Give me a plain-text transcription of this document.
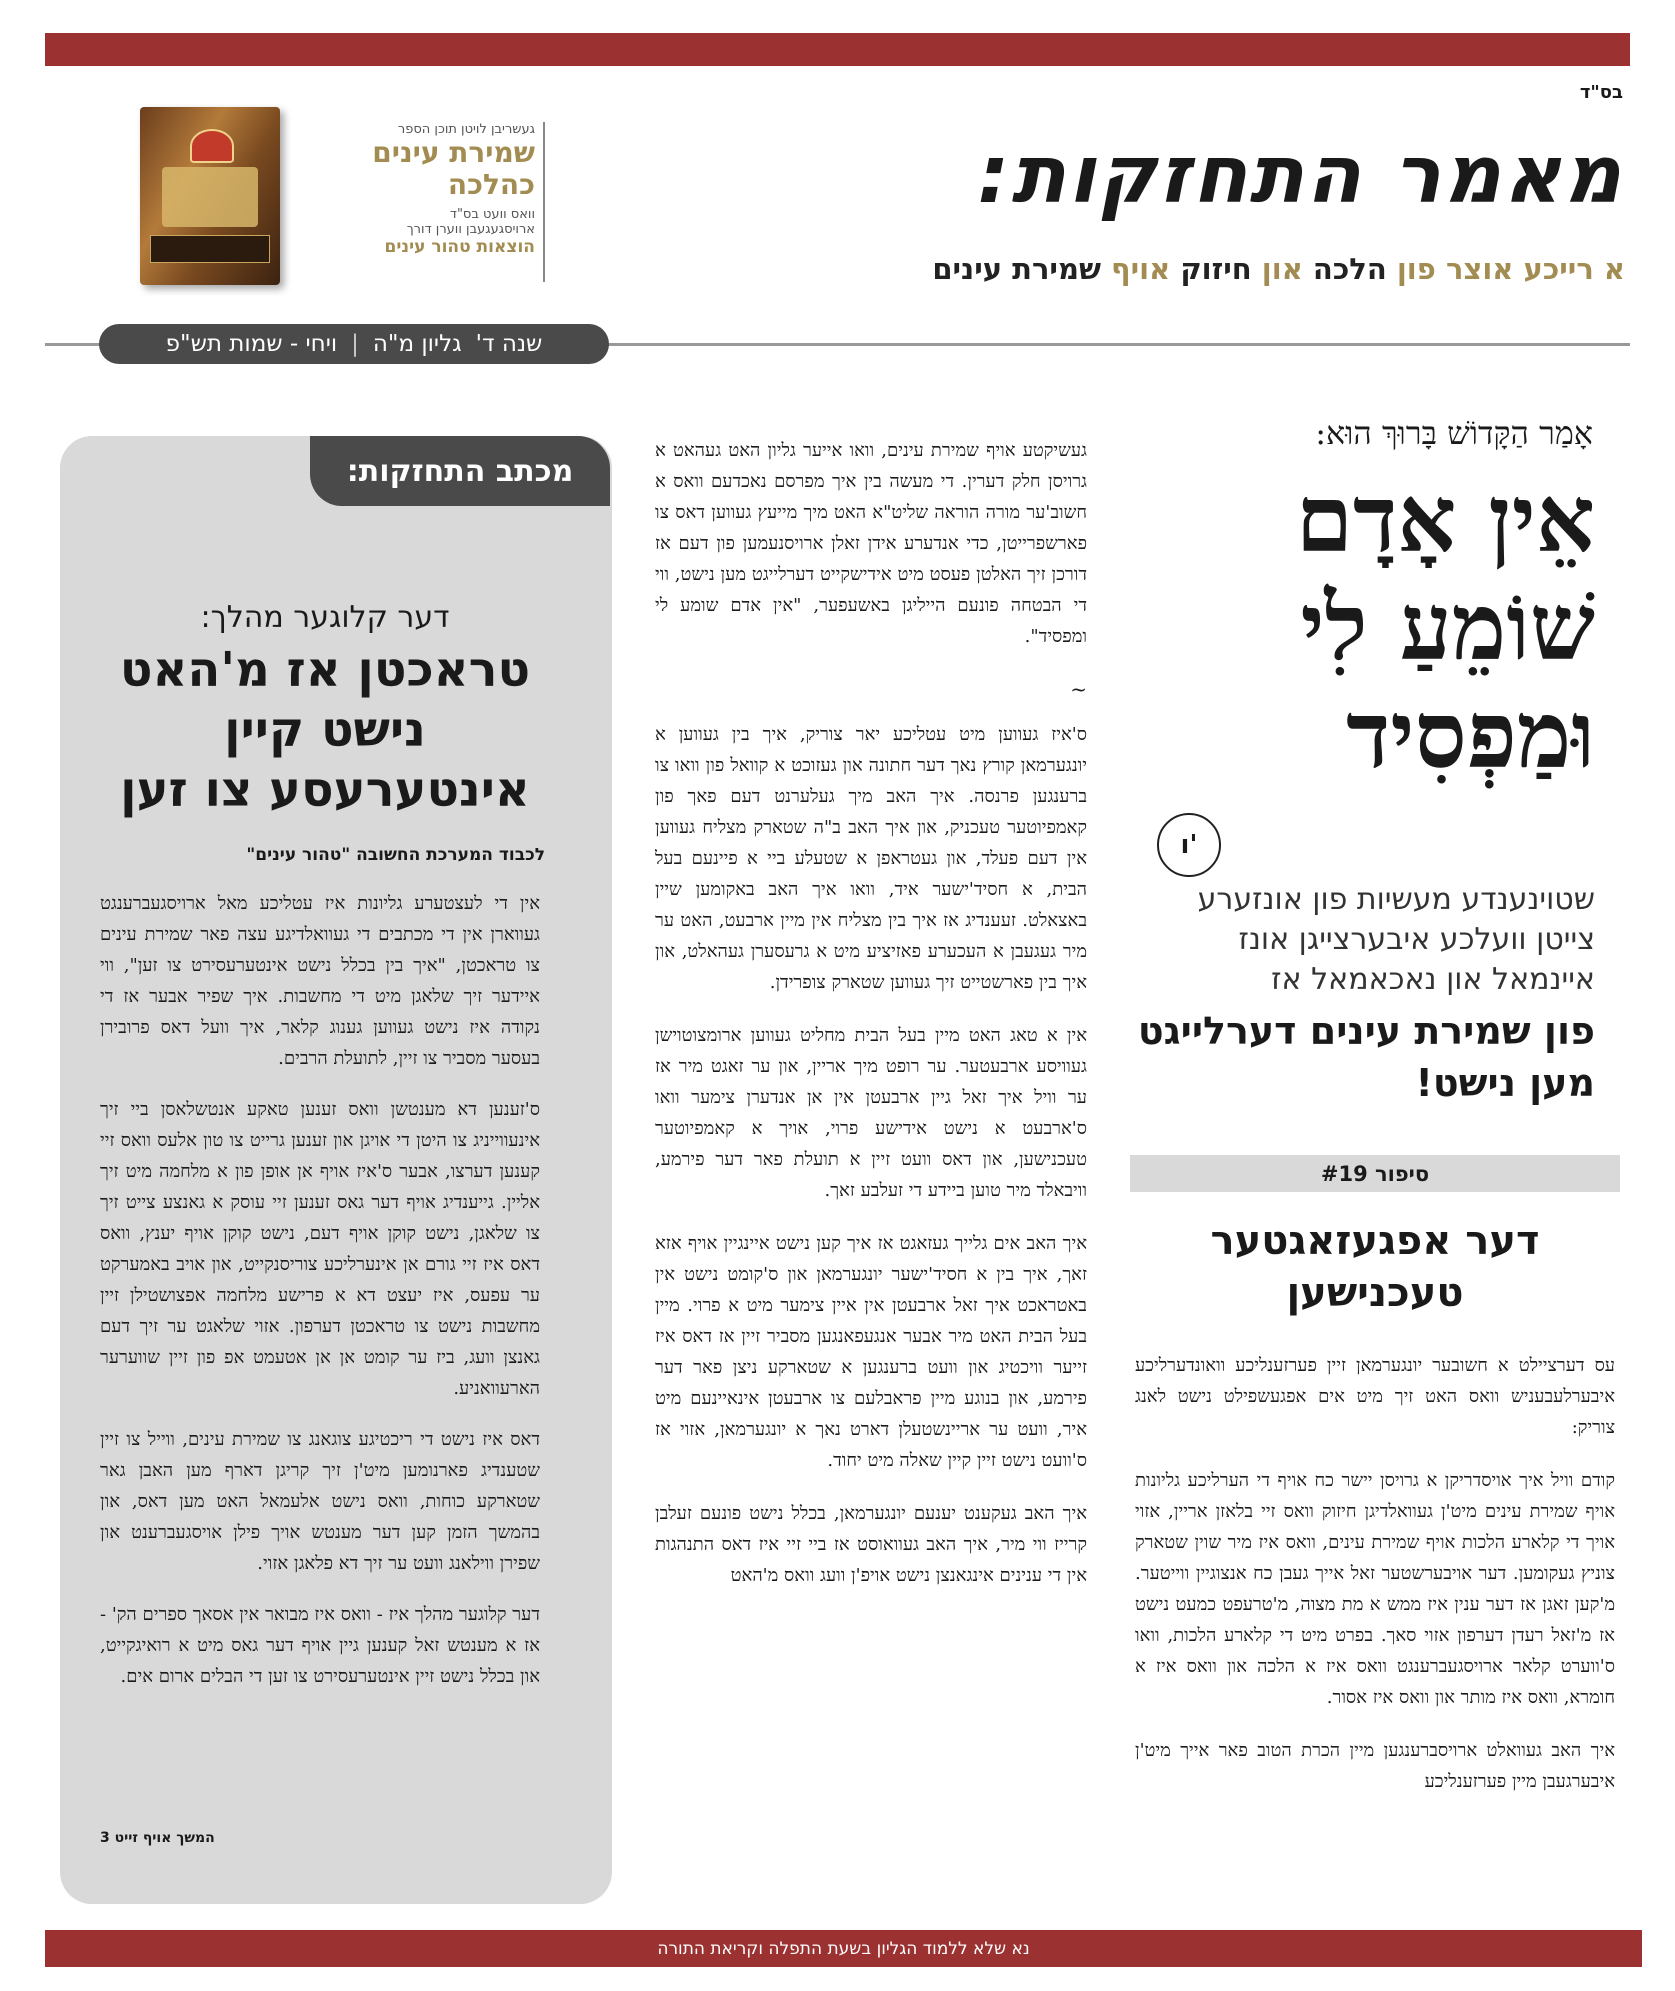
בס"ד
מאמר התחזקות:
א רייכע אוצר פון הלכה און חיזוק אויף שמירת עינים
געשריבן לויטן תוכן הספר
שמירת עינים
כהלכה
וואס וועט בס"ד
ארויסגעגעבן ווערן דורך
הוצאות טהור עינים
שנה ד'
גליון מ"ה
|
ויחי - שמות תש"פ
מכתב התחזקות:
דער קלוגער מהלך:
טראכטן אז מ'האט נישט קיין אינטערעסע צו זען
לכבוד המערכת החשובה "טהור עינים"

אין די לעצטערע גליונות איז עטליכע מאל ארויסגעברענגט געווארן אין די מכתבים די געוואלדיגע עצה פאר שמירת עינים צו טראכטן, "איך בין בכלל נישט אינטערעסירט צו זען", ווי איידער זיך שלאגן מיט די מחשבות. איך שפיר אבער אז די נקודה איז נישט געווען גענוג קלאר, איך וועל דאס פרובירן בעסער מסביר צו זיין, לתועלת הרבים.

ס'זענען דא מענטשן וואס זענען טאקע אנטשלאסן ביי זיך אינעווייניג צו היטן די אויגן און זענען גרייט צו טון אלעס וואס זיי קענען דערצו, אבער ס'איז אויף אן אופן פון א מלחמה מיט זיך אליין. גייענדיג אויף דער גאס זענען זיי עוסק א גאנצע צייט זיך צו שלאגן, נישט קוקן אויף דעם, נישט קוקן אויף יענץ, וואס דאס איז זיי גורם אן אינערליכע צוריסנקייט, און אויב באמערקט ער עפעס, איז יעצט דא א פרישע מלחמה אפצושטילן זיין מחשבות נישט צו טראכטן דערפון. אזוי שלאגט ער זיך דעם גאנצן וועג, ביז ער קומט אן אן אטעמט אפ פון זיין שווערער הארעוואניע.

דאס איז נישט די ריכטיגע צוגאנג צו שמירת עינים, ווייל צו זיין שטענדיג פארנומען מיט'ן זיך קריגן דארף מען האבן גאר שטארקע כוחות, וואס נישט אלעמאל האט מען דאס, און בהמשך הזמן קען דער מענטש אויך פילן אויסגעברענט און שפירן ווילאנג וועט ער זיך דא פלאגן אזוי.

דער קלוגער מהלך איז - וואס איז מבואר אין אסאך ספרים הק' - אז א מענטש זאל קענען גיין אויף דער גאס מיט א רואיגקייט, און בכלל נישט זיין אינטערעסירט צו זען די הבלים ארום אים.

המשך אויף זייט 3

געשיקטע אויף שמירת עינים, וואו אייער גליון האט געהאט א גרויסן חלק דערין. די מעשה בין איך מפרסם נאכדעם וואס א חשוב'ער מורה הוראה שליט"א האט מיך מייעץ געווען דאס צו פארשפרייטן, כדי אנדערע אידן זאלן ארויסנעמען פון דעם אז דורכן זיך האלטן פעסט מיט אידישקייט דערלייגט מען נישט, ווי די הבטחה פונעם הייליגן באשעפער, "אין אדם שומע לי ומפסיד".

~

ס'איז געווען מיט עטליכע יאר צוריק, איך בין געווען א יונגערמאן קורץ נאך דער חתונה און געזוכט א קוואל פון וואו צו ברענגען פרנסה. איך האב מיך געלערנט דעם פאך פון קאמפיוטער טעכניק, און איך האב ב"ה שטארק מצליח געווען אין דעם פעלד, און געטראפן א שטעלע ביי א פיינעם בעל הבית, א חסיד'ישער איד, וואו איך האב באקומען שיין באצאלט. זעענדיג אז איך בין מצליח אין מיין ארבעט, האט ער מיר געגעבן א העכערע פאזיציע מיט א גרעסערן געהאלט, און איך בין פארשטייט זיך געווען שטארק צופרידן.

אין א טאג האט מיין בעל הבית מחליט געווען ארומצוטוישן געוויסע ארבעטער. ער רופט מיך אריין, און ער זאגט מיר אז ער וויל איך זאל גיין ארבעטן אין אן אנדערן צימער וואו ס'ארבעט א נישט אידישע פרוי, אויך א קאמפיוטער טעכנישען, און דאס וועט זיין א תועלת פאר דער פירמע, וויבאלד מיר טוען ביידע די זעלבע זאך.

איך האב אים גלייך געזאגט אז איך קען נישט איינגיין אויף אזא זאך, איך בין א חסיד'ישער יונגערמאן און ס'קומט נישט אין באטראכט איך זאל ארבעטן אין איין צימער מיט א פרוי. מיין בעל הבית האט מיר אבער אנגעפאנגען מסביר זיין אז דאס איז זייער וויכטיג און וועט ברענגען א שטארקע ניצן פאר דער פירמע, און בנוגע מיין פראבלעם צו ארבעטן אינאיינעם מיט איר, וועט ער אריינשטעלן דארט נאך א יונגערמאן, אזוי אז ס'וועט נישט זיין קיין שאלה מיט יחוד.

איך האב געקענט יענעם יונגערמאן, בכלל נישט פונעם זעלבן קרייז ווי מיר, איך האב געוואוסט אז ביי זיי איז דאס התנהגות אין די ענינים אינגאנצן נישט אויפ'ן וועג וואס מ'האט

אָמַר הַקָּדוֹשׁ בָּרוּךְ הוּא:
אֵין אָדָם שׁוֹמֵעַ לִי וּמַפְסִיד
ו'
שטוינענדע מעשיות פון אונזערע צייטן וועלכע איבערצייגן אונז איינמאל און נאכאמאל אז
פון שמירת עינים דערלייגט מען נישט!
סיפור #19
דער אפגעזאגטער טעכנישען

עס דערציילט א חשובער יונגערמאן זיין פערזענליכע וואונדערליכע איבערלעבעניש וואס האט זיך מיט אים אפגעשפילט נישט לאנג צוריק:

קודם וויל איך אויסדריקן א גרויסן יישר כח אויף די הערליכע גליונות אויף שמירת עינים מיט'ן געוואלדיגן חיזוק וואס זיי בלאזן אריין, אזוי אויך די קלארע הלכות אויף שמירת עינים, וואס איז מיר שוין שטארק צוניץ געקומען. דער אויבערשטער זאל אייך געבן כח אנצוגיין ווייטער. מ'קען זאגן אז דער ענין איז ממש א מת מצוה, מ'טרעפט כמעט נישט אז מ'זאל רעדן דערפון אזוי סאך. בפרט מיט די קלארע הלכות, וואו ס'ווערט קלאר ארויסגעברענגט וואס איז א הלכה און וואס איז א חומרא, וואס איז מותר און וואס איז אסור.

איך האב געוואלט ארויסברענגען מיין הכרת הטוב פאר אייך מיט'ן איבערגעבן מיין פערזענליכע

נא שלא ללמוד הגליון בשעת התפלה וקריאת התורה
